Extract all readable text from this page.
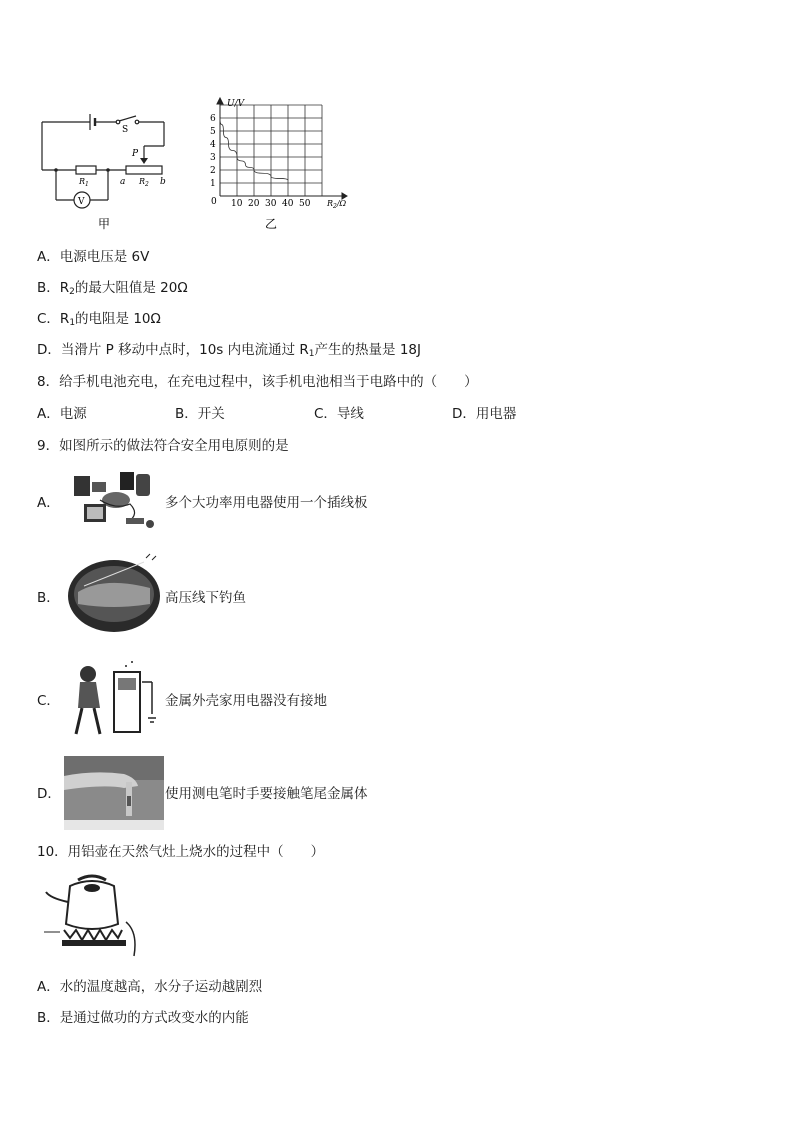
S
P
$R_1$	$R_2$
a	b
V
甲
1
2
3
4
5
6
10 20 30 40 50
U/V
$R_2/\Omega$
0
乙
A．电源电压是 6V
B．$R_2$的最大阻值是 20Ω
C．$R_1$的电阻是 10Ω
D．当滑片 P 移动中点时，10s 内电流通过 $R_1$产生的热量是 18J
8．给手机电池充电，在充电过程中，该手机电池相当于电路中的（　　）
A．电源	B．开关	C．导线	D．用电器
9．如图所示的做法符合安全用电原则的是
A．	多个大功率用电器使用一个插线板
B．	高压线下钓鱼
C．	金属外壳家用电器没有接地
D．	使用测电笔时手要接触笔尾金属体
10．用铝壶在天然气灶上烧水的过程中（　　）
A．水的温度越高，水分子运动越剧烈
B．是通过做功的方式改变水的内能
